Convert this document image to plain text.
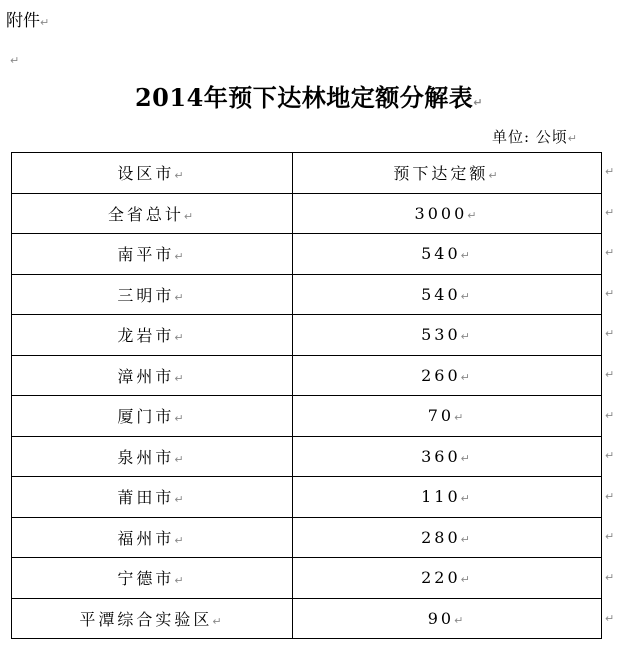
附件↵
↵
2014年预下达林地定额分解表↵
单位: 公顷↵
设区市↵	预下达定额↵
全省总计↵	3000↵
南平市↵	540↵
三明市↵	540↵
龙岩市↵	530↵
漳州市↵	260↵
厦门市↵	70↵
泉州市↵	360↵
莆田市↵	110↵
福州市↵	280↵
宁德市↵	220↵
平潭综合实验区↵	90↵
↵
↵
↵
↵
↵
↵
↵
↵
↵
↵
↵
↵
